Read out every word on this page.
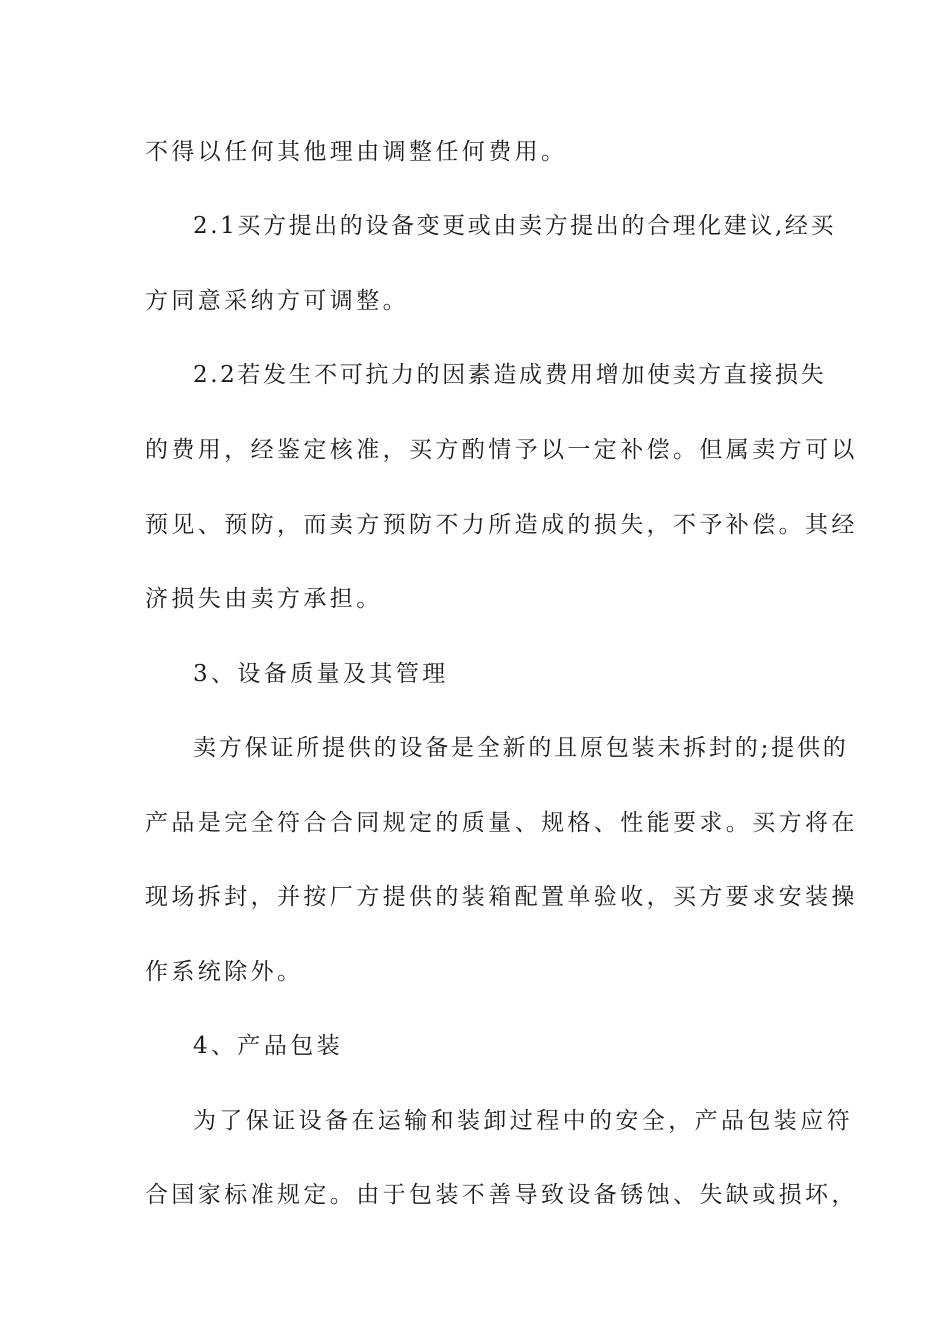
不得以任何其他理由调整任何费用。
2.1买方提出的设备变更或由卖方提出的合理化建议,经买
方同意采纳方可调整。
2.2若发生不可抗力的因素造成费用增加使卖方直接损失
的费用，经鉴定核准，买方酌情予以一定补偿。但属卖方可以
预见、预防，而卖方预防不力所造成的损失，不予补偿。其经
济损失由卖方承担。
3、设备质量及其管理
卖方保证所提供的设备是全新的且原包装未拆封的;提供的
产品是完全符合合同规定的质量、规格、性能要求。买方将在
现场拆封，并按厂方提供的装箱配置单验收，买方要求安装操
作系统除外。
4、产品包装
为了保证设备在运输和装卸过程中的安全，产品包装应符
合国家标准规定。由于包装不善导致设备锈蚀、失缺或损坏，
